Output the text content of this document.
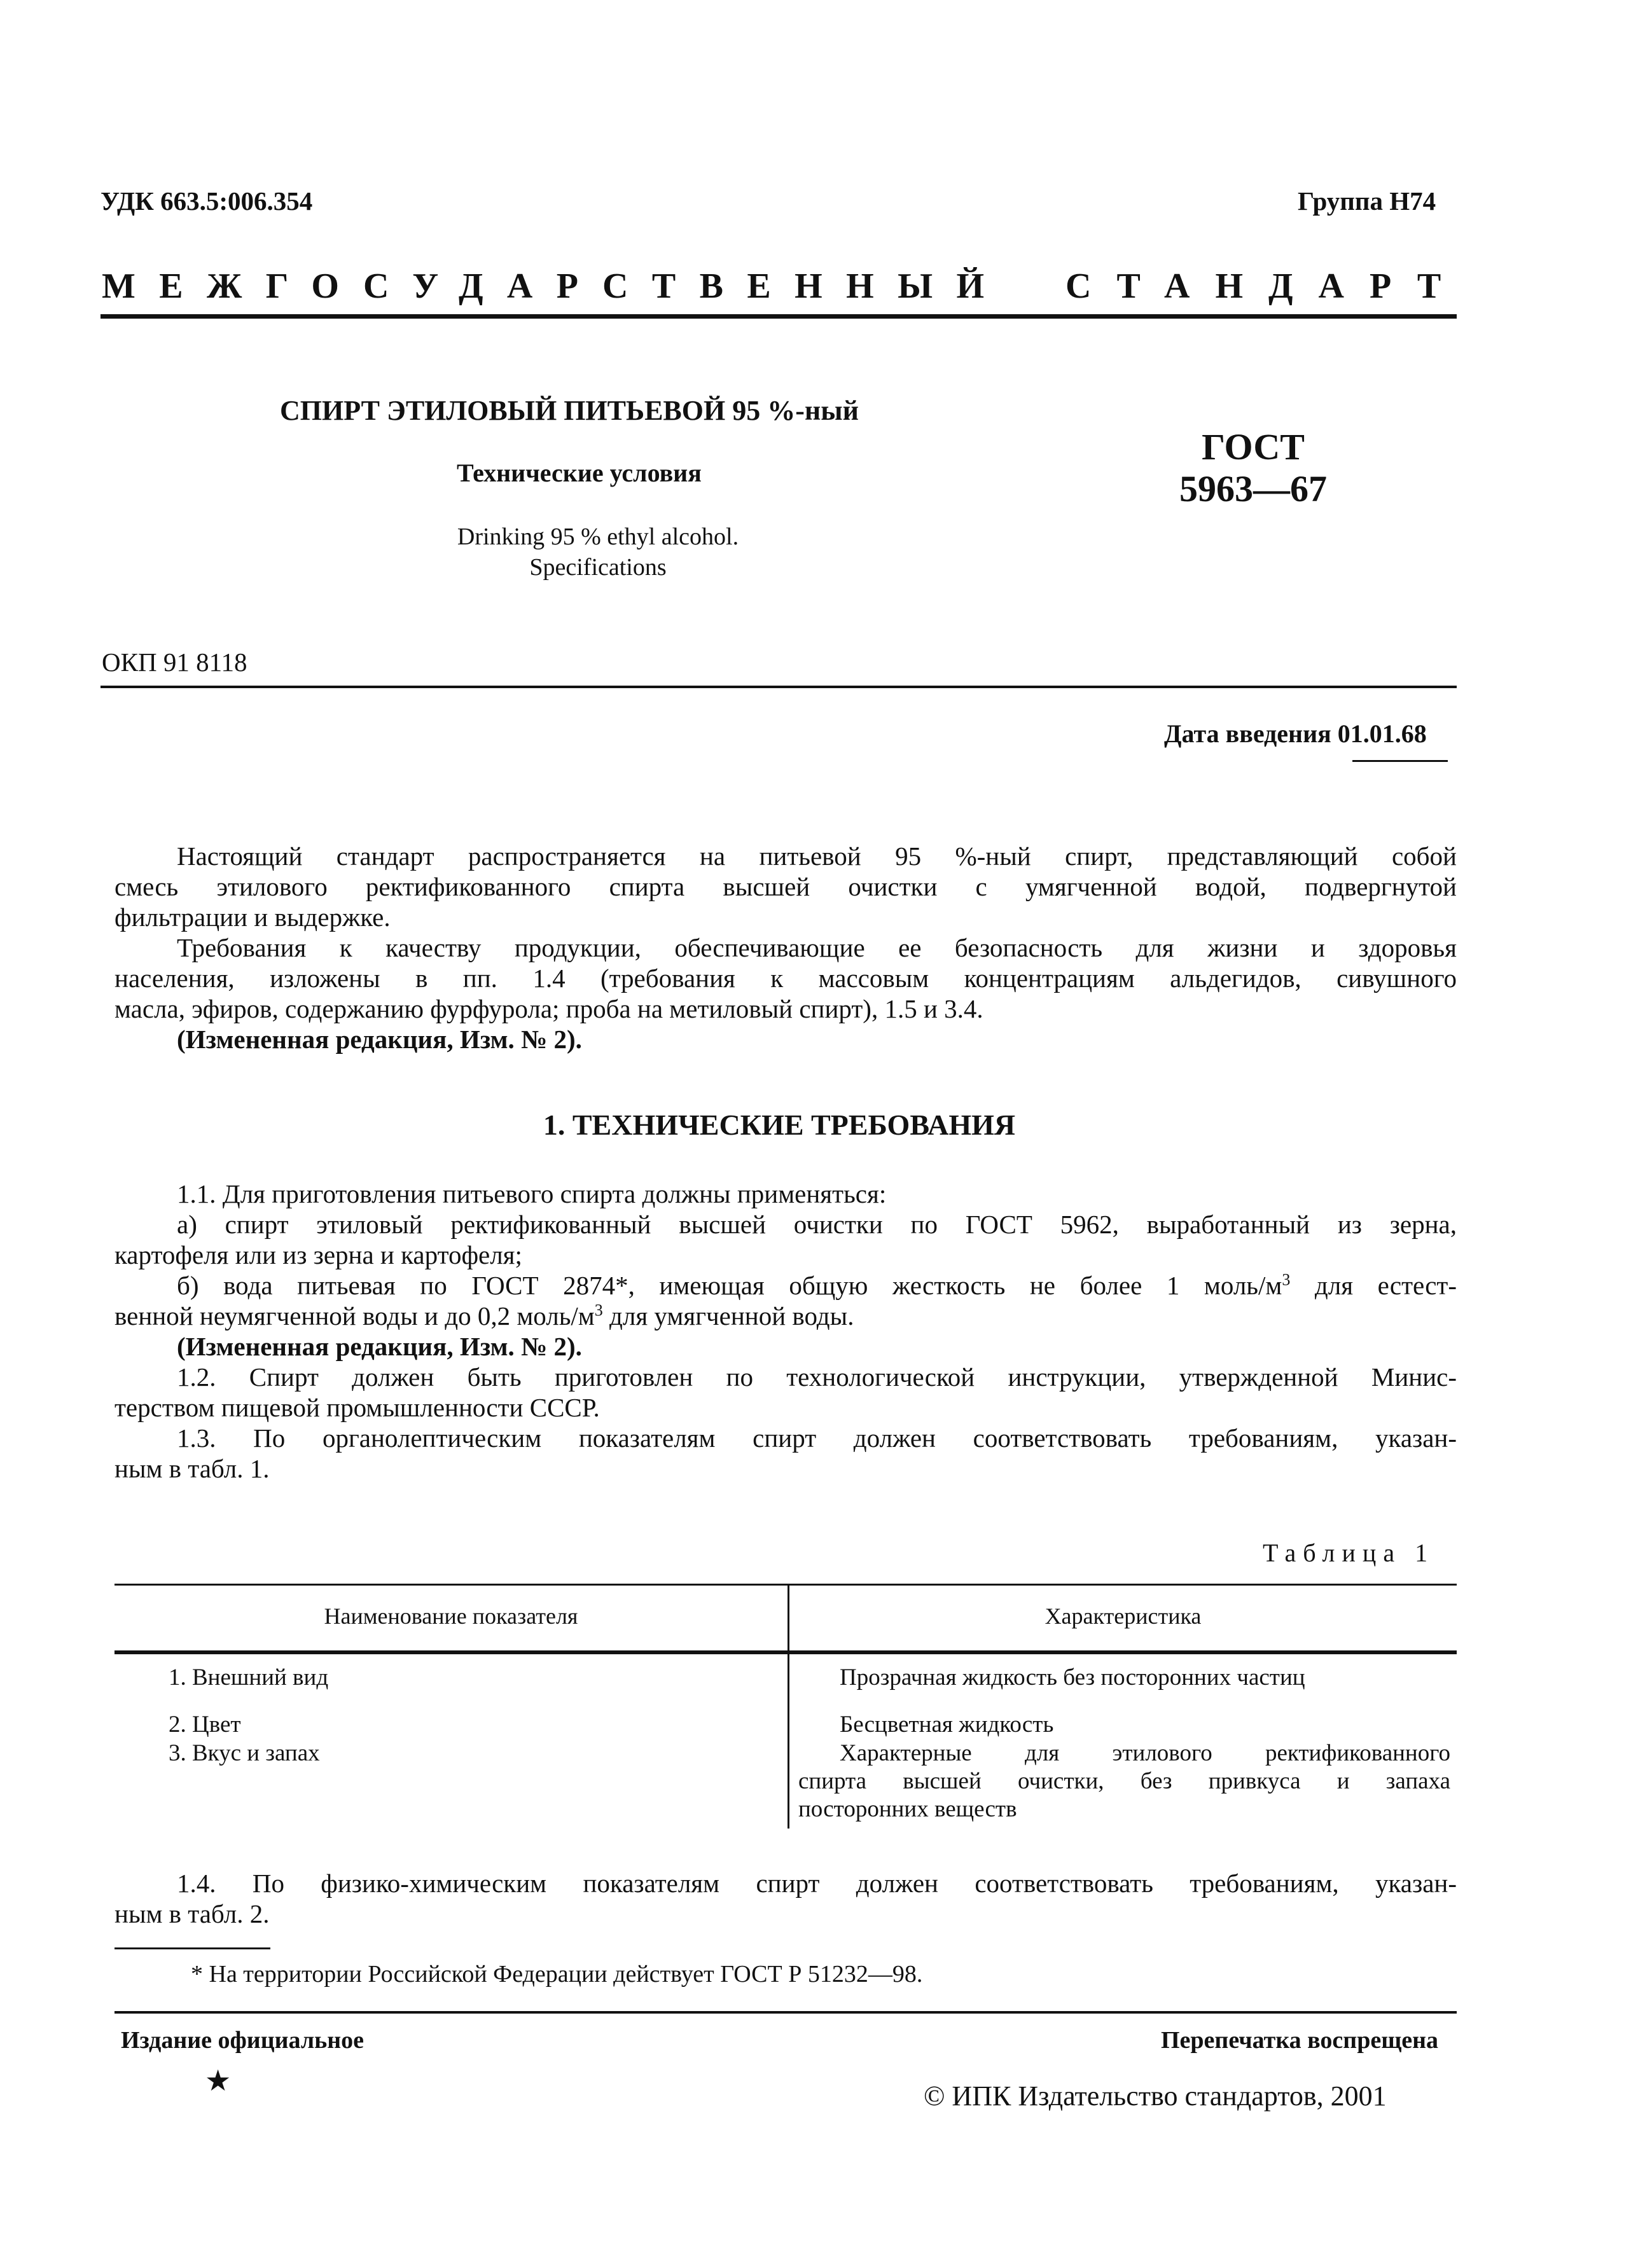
УДК 663.5:006.354	Группа Н74
МЕЖГОСУДАРСТВЕННЫЙ СТАНДАРТ
СПИРТ ЭТИЛОВЫЙ ПИТЬЕВОЙ 95 %-ный
Технические условия
Drinking 95 % ethyl alcohol.
Specifications
ГОСТ
5963—67
ОКП 91 8118
Дата введения 01.01.68
Настоящий стандарт распространяется на питьевой 95 %-ный спирт, представляющий собой
смесь этилового ректификованного спирта высшей очистки с умягченной водой, подвергнутой
фильтрации и выдержке.
Требования к качеству продукции, обеспечивающие ее безопасность для жизни и здоровья
населения, изложены в пп. 1.4 (требования к массовым концентрациям альдегидов, сивушного
масла, эфиров, содержанию фурфурола; проба на метиловый спирт), 1.5 и 3.4.
(Измененная редакция, Изм. № 2).
1. ТЕХНИЧЕСКИЕ ТРЕБОВАНИЯ
1.1. Для приготовления питьевого спирта должны применяться:
а) спирт этиловый ректификованный высшей очистки по ГОСТ 5962, выработанный из зерна,
картофеля или из зерна и картофеля;
б) вода питьевая по ГОСТ 2874*, имеющая общую жесткость не более 1 моль/$м^3$ для естест-
венной неумягченной воды и до 0,2 моль/$м^3$ для умягченной воды.
(Измененная редакция, Изм. № 2).
1.2. Спирт должен быть приготовлен по технологической инструкции, утвержденной Минис-
терством пищевой промышленности СССР.
1.3. По органолептическим показателям спирт должен соответствовать требованиям, указан-
ным в табл. 1.
Таблица 1
Наименование показателя	Характеристика
1. Внешний вид	Прозрачная жидкость без посторонних частиц
2. Цвет	Бесцветная жидкость
3. Вкус и запах	Характерные для этилового ректификованного
спирта высшей очистки, без привкуса и запаха
посторонних веществ
1.4. По физико-химическим показателям спирт должен соответствовать требованиям, указан-
ным в табл. 2.
* На территории Российской Федерации действует ГОСТ Р 51232—98.
Издание официальное	Перепечатка воспрещена
★	© ИПК Издательство стандартов, 2001
